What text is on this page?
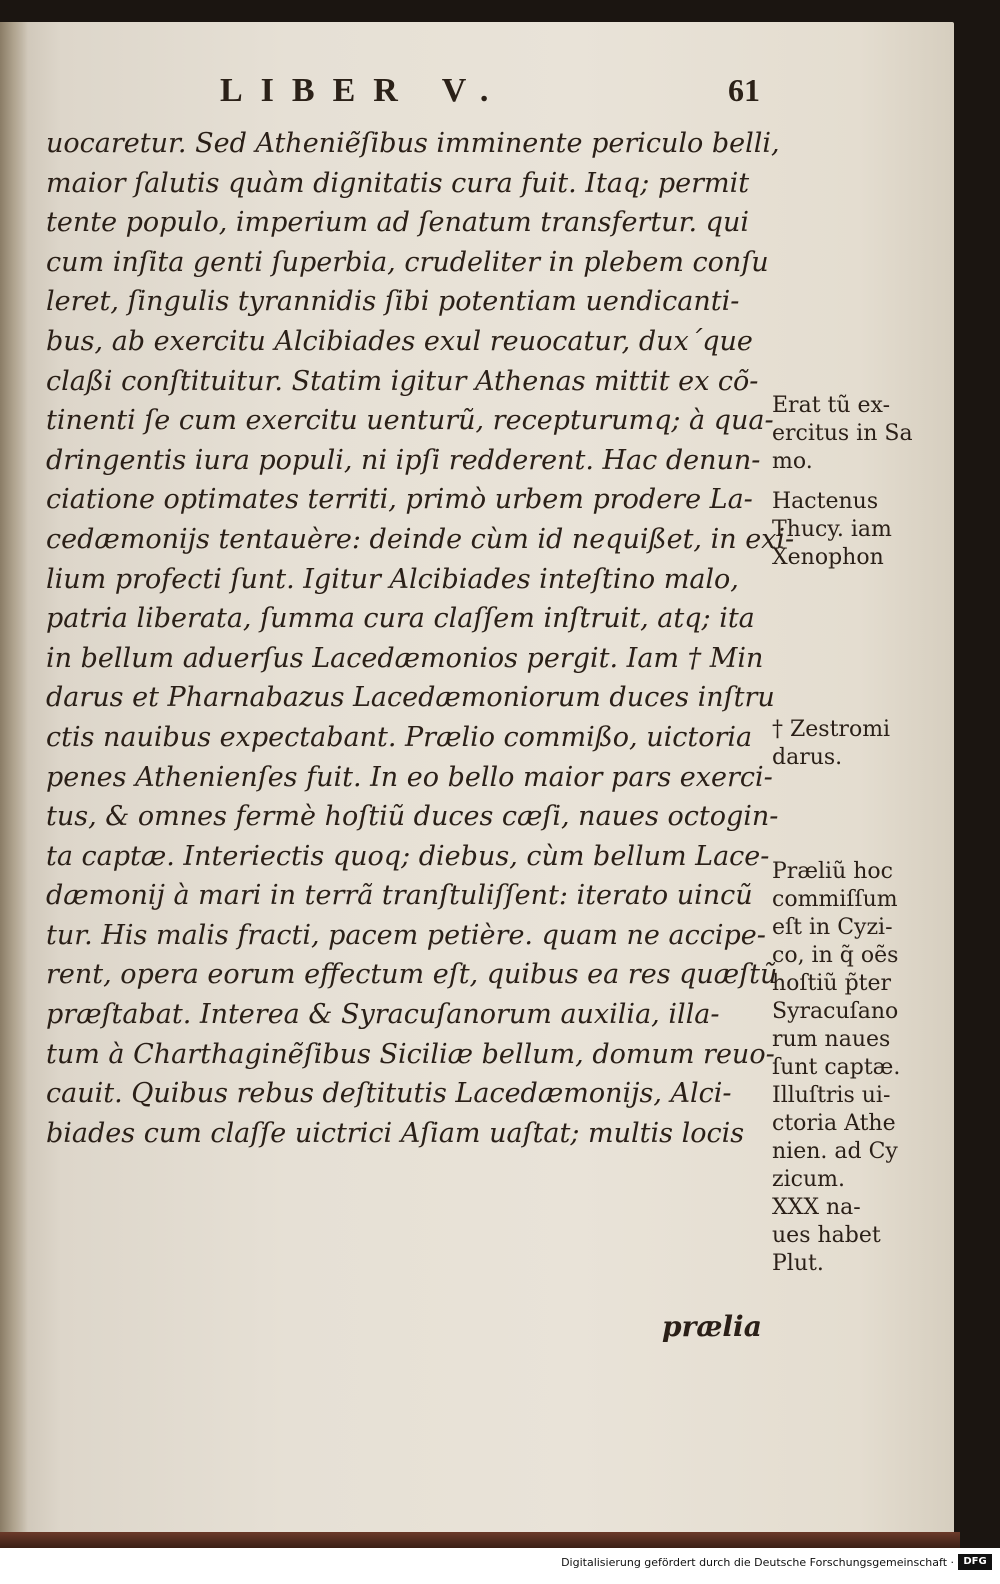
LIBER V.	61
uocaretur. Sed Atheniẽſibus imminente periculo belli,
maior ſalutis quàm dignitatis cura fuit. Itaq; permit
tente populo, imperium ad ſenatum transfertur. qui
cum inſita genti ſuperbia, crudeliter in plebem conſu
leret, ſingulis tyrannidis ſibi potentiam uendicanti-
bus, ab exercitu Alcibiades exul reuocatur, dux´que
claßi conſtituitur. Statim igitur Athenas mittit ex cõ-
tinenti ſe cum exercitu uenturũ, recepturumq; à qua-
dringentis iura populi, ni ipſi redderent. Hac denun-
ciatione optimates territi, primò urbem prodere La-
cedæmonijs tentauère: deinde cùm id nequißet, in exi-
lium profecti ſunt. Igitur Alcibiades inteſtino malo,
patria liberata, ſumma cura claſſem inſtruit, atq; ita
in bellum aduerſus Lacedæmonios pergit. Iam † Min
darus et Pharnabazus Lacedæmoniorum duces inſtru
ctis nauibus expectabant. Prælio commißo, uictoria
penes Athenienſes fuit. In eo bello maior pars exerci-
tus, & omnes fermè hoſtiũ duces cæſi, naues octogin-
ta captæ. Interiectis quoq; diebus, cùm bellum Lace-
dæmonij à mari in terrã tranſtuliſſent: iterato uincũ
tur. His malis fracti, pacem petière. quam ne accipe-
rent, opera eorum effectum eſt, quibus ea res quæſtũ
præſtabat. Interea & Syracuſanorum auxilia, illa-
tum à Charthaginẽſibus Siciliæ bellum, domum reuo-
cauit. Quibus rebus deſtitutis Lacedæmonijs, Alci-
biades cum claſſe uictrici Aſiam uaſtat; multis locis
prælia
Erat tũ ex-
ercitus in Sa
mo.
Hactenus
Thucy. iam
Xenophon
† Zestromi
darus.
Præliũ hoc
commiſſum
eſt in Cyzi-
co, in q̃ oẽs
hoſtiũ p̃ter
Syracuſano
rum naues
ſunt captæ.
Illuſtris ui-
ctoria Athe
nien. ad Cy
zicum.
XXX na-
ues habet
Plut.
Digitalisierung gefördert durch die Deutsche Forschungsgemeinschaft · DFG
